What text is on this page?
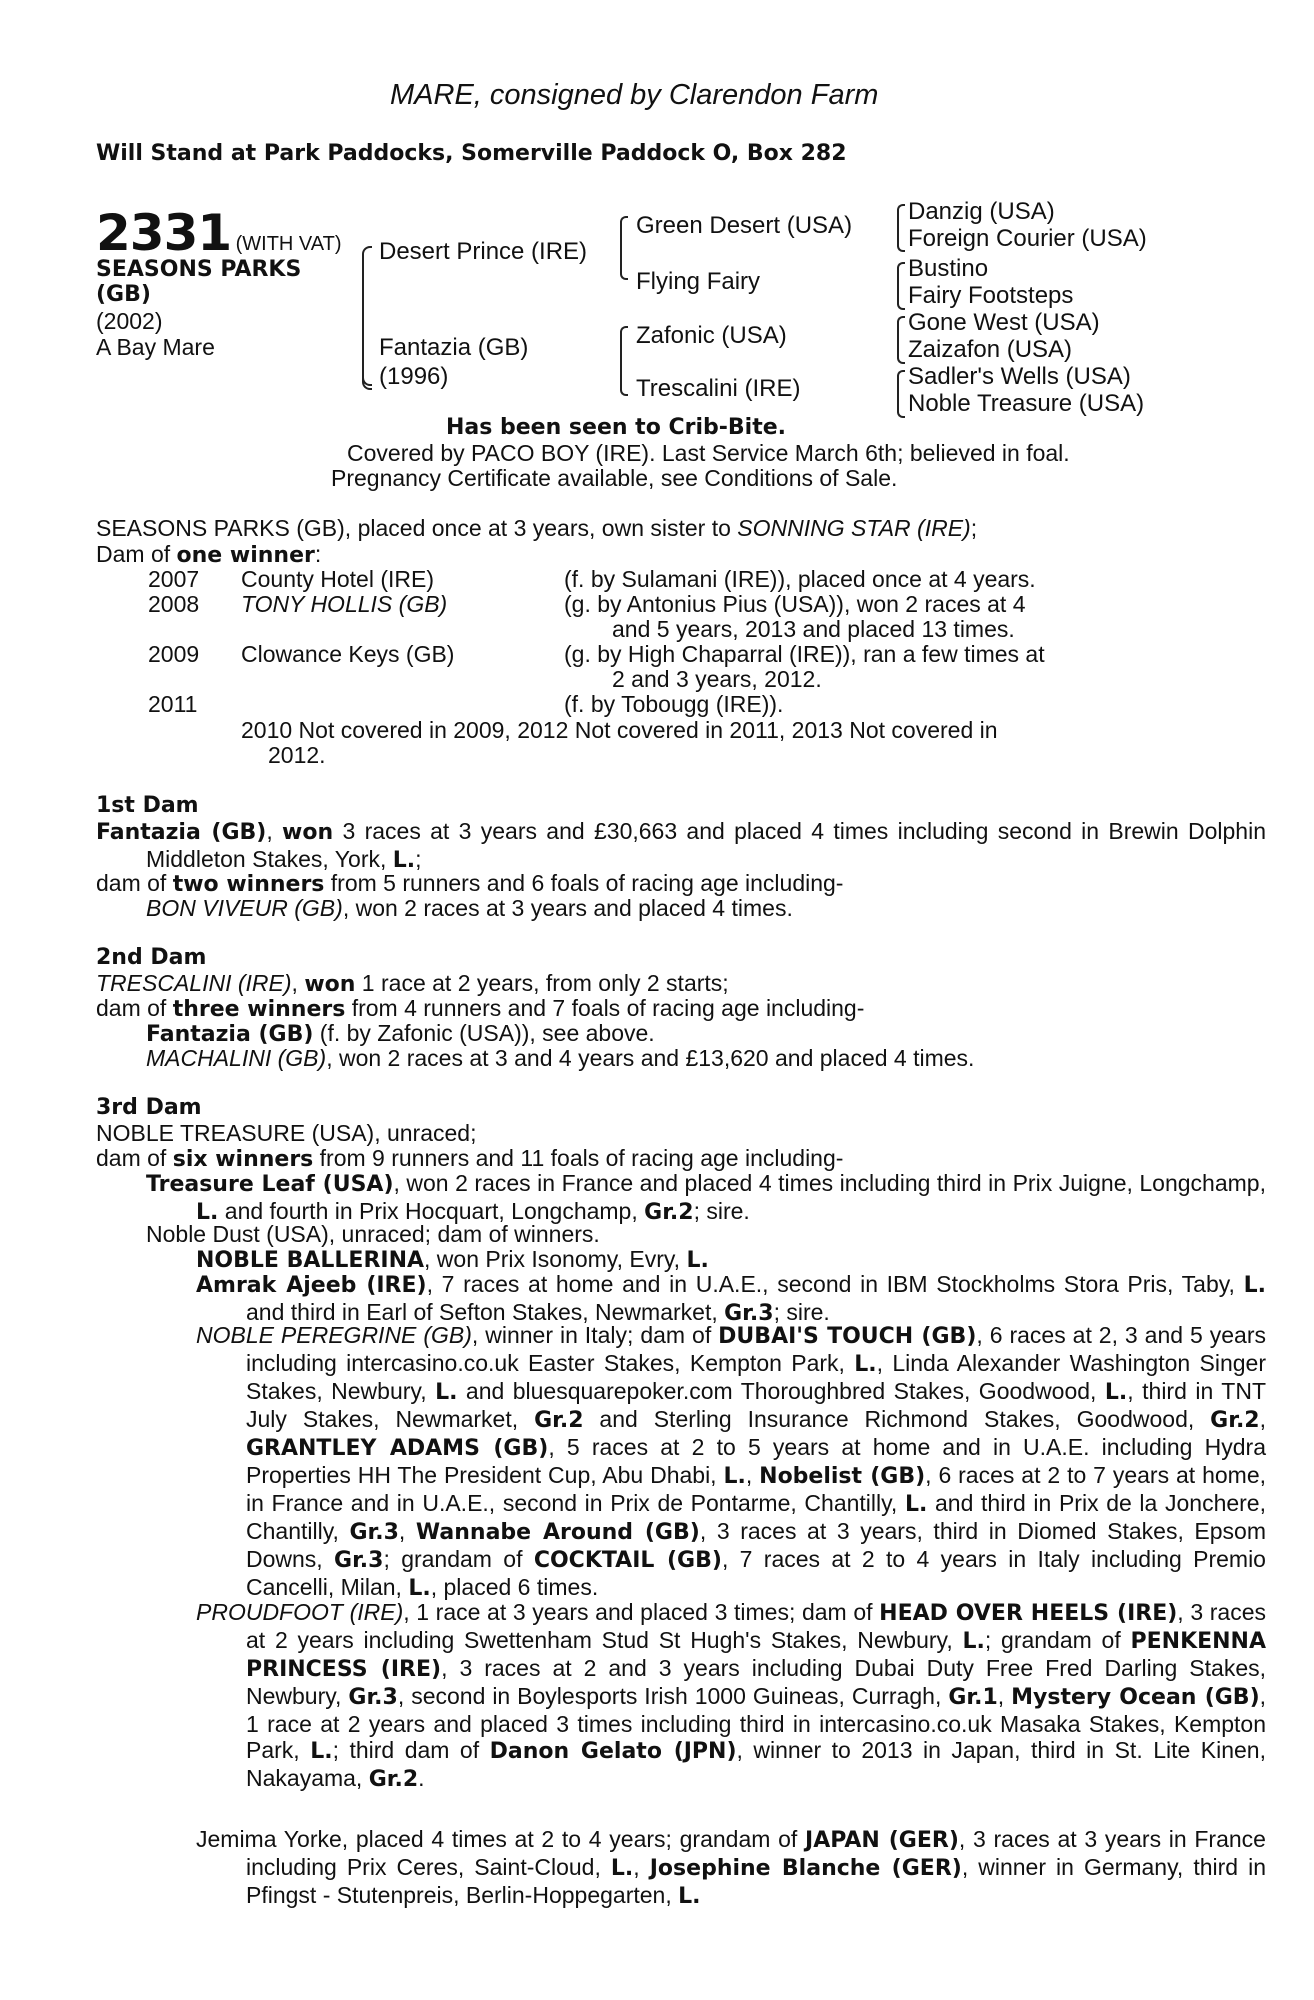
MARE, consigned by Clarendon Farm
Will Stand at Park Paddocks, Somerville Paddock O, Box 282
2331 (WITH VAT)
SEASONS PARKS
(GB)
(2002)
A Bay Mare
Desert Prince (IRE)
Fantazia (GB)
(1996)
Green Desert (USA)
Flying Fairy
Zafonic (USA)
Trescalini (IRE)
Danzig (USA)
Foreign Courier (USA)
Bustino
Fairy Footsteps
Gone West (USA)
Zaizafon (USA)
Sadler's Wells (USA)
Noble Treasure (USA)
Has been seen to Crib-Bite.
Covered by PACO BOY (IRE). Last Service March 6th; believed in foal.
Pregnancy Certificate available, see Conditions of Sale.
SEASONS PARKS (GB), placed once at 3 years, own sister to SONNING STAR (IRE);
Dam of one winner:
2007 County Hotel (IRE)	(f. by Sulamani (IRE)), placed once at 4 years.
2008 TONY HOLLIS (GB)	(g. by Antonius Pius (USA)), won 2 races at 4
and 5 years, 2013 and placed 13 times.
2009 Clowance Keys (GB)	(g. by High Chaparral (IRE)), ran a few times at
2 and 3 years, 2012.
2011	(f. by Tobougg (IRE)).
2010 Not covered in 2009, 2012 Not covered in 2011, 2013 Not covered in
2012.
1st Dam
Fantazia (GB), won 3 races at 3 years and £30,663 and placed 4 times including second in Brewin Dolphin Middleton Stakes, York, L.;
dam of two winners from 5 runners and 6 foals of racing age including-
BON VIVEUR (GB), won 2 races at 3 years and placed 4 times.
2nd Dam
TRESCALINI (IRE), won 1 race at 2 years, from only 2 starts;
dam of three winners from 4 runners and 7 foals of racing age including-
Fantazia (GB) (f. by Zafonic (USA)), see above.
MACHALINI (GB), won 2 races at 3 and 4 years and £13,620 and placed 4 times.
3rd Dam
NOBLE TREASURE (USA), unraced;
dam of six winners from 9 runners and 11 foals of racing age including-
Treasure Leaf (USA), won 2 races in France and placed 4 times including third in Prix Juigne, Longchamp, L. and fourth in Prix Hocquart, Longchamp, Gr.2; sire.
Noble Dust (USA), unraced; dam of winners.
NOBLE BALLERINA, won Prix Isonomy, Evry, L.
Amrak Ajeeb (IRE), 7 races at home and in U.A.E., second in IBM Stockholms Stora Pris, Taby, L. and third in Earl of Sefton Stakes, Newmarket, Gr.3; sire.
NOBLE PEREGRINE (GB), winner in Italy; dam of DUBAI'S TOUCH (GB), 6 races at 2, 3 and 5 years including intercasino.co.uk Easter Stakes, Kempton Park, L., Linda Alexander Washington Singer Stakes, Newbury, L. and bluesquarepoker.com Thoroughbred Stakes, Goodwood, L., third in TNT July Stakes, Newmarket, Gr.2 and Sterling Insurance Richmond Stakes, Goodwood, Gr.2, GRANTLEY ADAMS (GB), 5 races at 2 to 5 years at home and in U.A.E. including Hydra Properties HH The President Cup, Abu Dhabi, L., Nobelist (GB), 6 races at 2 to 7 years at home, in France and in U.A.E., second in Prix de Pontarme, Chantilly, L. and third in Prix de la Jonchere, Chantilly, Gr.3, Wannabe Around (GB), 3 races at 3 years, third in Diomed Stakes, Epsom Downs, Gr.3; grandam of COCKTAIL (GB), 7 races at 2 to 4 years in Italy including Premio Cancelli, Milan, L., placed 6 times.
PROUDFOOT (IRE), 1 race at 3 years and placed 3 times; dam of HEAD OVER HEELS (IRE), 3 races at 2 years including Swettenham Stud St Hugh's Stakes, Newbury, L.; grandam of PENKENNA PRINCESS (IRE), 3 races at 2 and 3 years including Dubai Duty Free Fred Darling Stakes, Newbury, Gr.3, second in Boylesports Irish 1000 Guineas, Curragh, Gr.1, Mystery Ocean (GB), 1 race at 2 years and placed 3 times including third in intercasino.co.uk Masaka Stakes, Kempton Park, L.; third dam of Danon Gelato (JPN), winner to 2013 in Japan, third in St. Lite Kinen, Nakayama, Gr.2.
Jemima Yorke, placed 4 times at 2 to 4 years; grandam of JAPAN (GER), 3 races at 3 years in France including Prix Ceres, Saint-Cloud, L., Josephine Blanche (GER), winner in Germany, third in Pfingst - Stutenpreis, Berlin-Hoppegarten, L.
